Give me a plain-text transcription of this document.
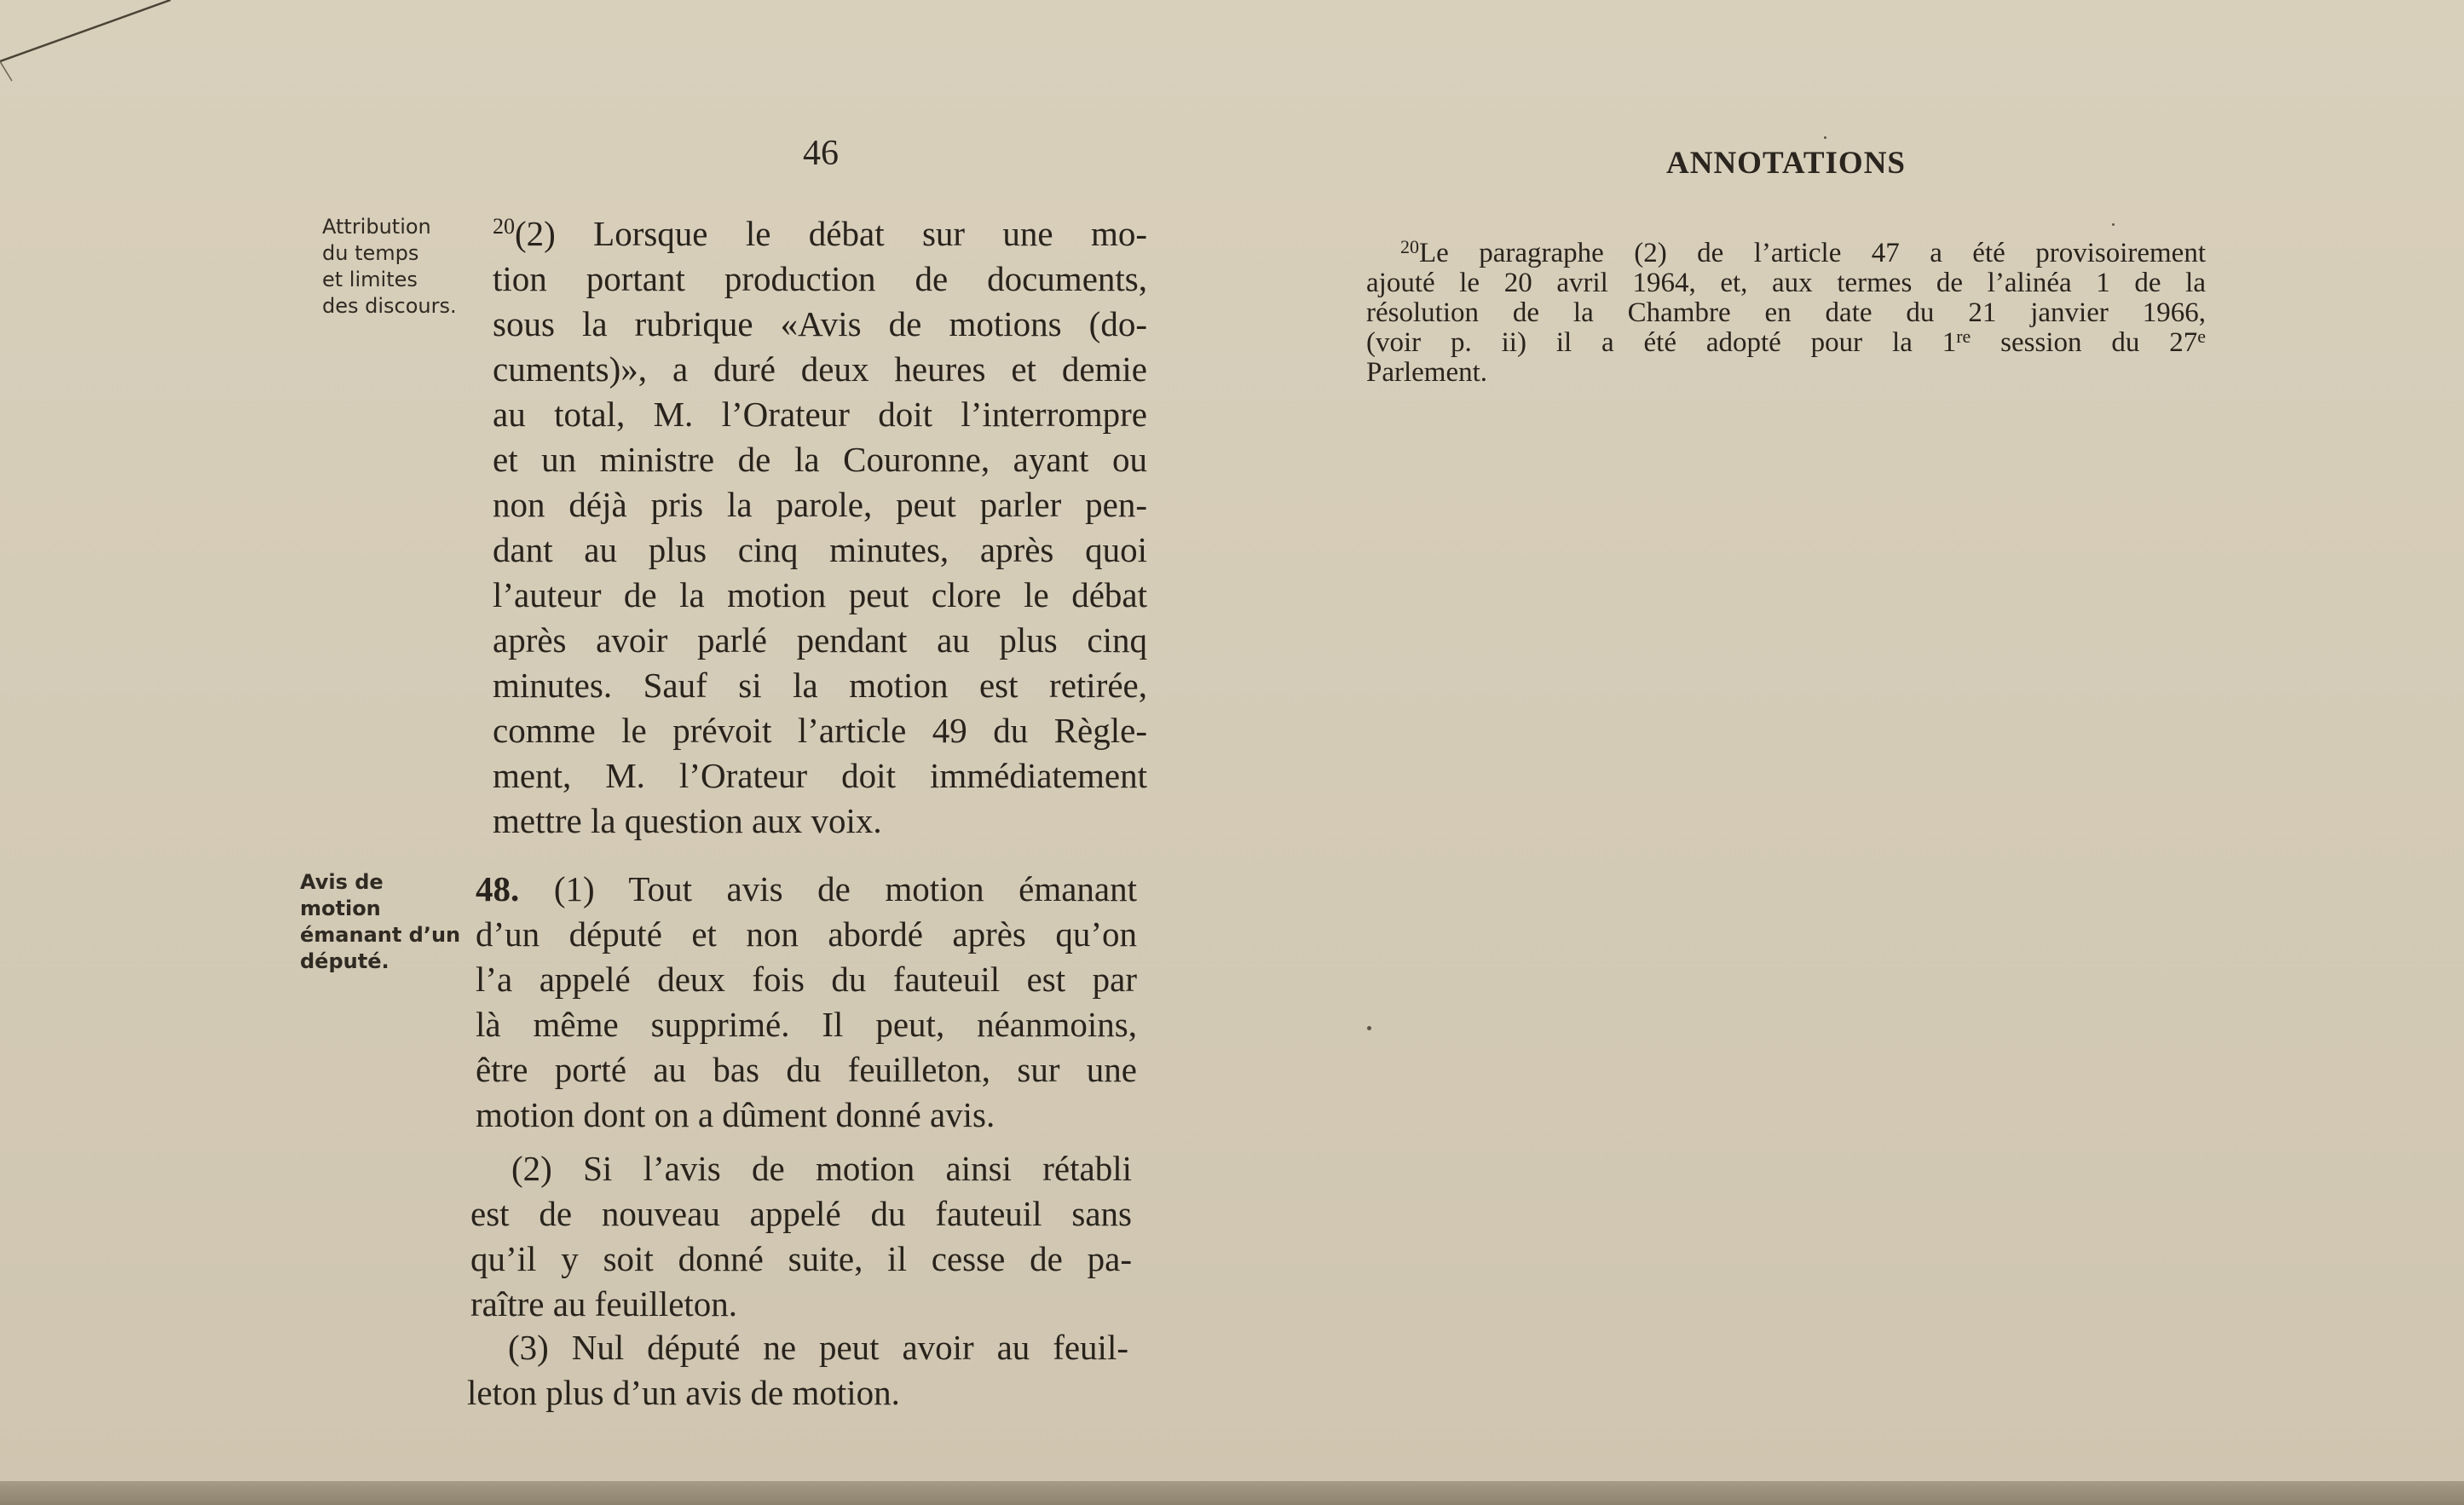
46	ANNOTATIONS
Attribution
du temps
et limites
des discours.
$^{20}$(2) Lorsque le débat sur une mo-
tion portant production de documents,
sous la rubrique «Avis de motions (do-
cuments)», a duré deux heures et demie
au total, M. l’Orateur doit l’interrompre
et un ministre de la Couronne, ayant ou
non déjà pris la parole, peut parler pen-
dant au plus cinq minutes, après quoi
l’auteur de la motion peut clore le débat
après avoir parlé pendant au plus cinq
minutes. Sauf si la motion est retirée,
comme le prévoit l’article 49 du Règle-
ment, M. l’Orateur doit immédiatement
mettre la question aux voix.
Avis de
motion
émanant d’un
député.
48. (1) Tout avis de motion émanant
d’un député et non abordé après qu’on
l’a appelé deux fois du fauteuil est par
là même supprimé. Il peut, néanmoins,
être porté au bas du feuilleton, sur une
motion dont on a dûment donné avis.
(2) Si l’avis de motion ainsi rétabli
est de nouveau appelé du fauteuil sans
qu’il y soit donné suite, il cesse de pa-
raître au feuilleton.
(3) Nul député ne peut avoir au feuil-
leton plus d’un avis de motion.
$^{20}$Le paragraphe (2) de l’article 47 a été provisoirement
ajouté le 20 avril 1964, et, aux termes de l’alinéa 1 de la
résolution de la Chambre en date du 21 janvier 1966,
(voir p. ii) il a été adopté pour la 1re session du 27e
Parlement.
